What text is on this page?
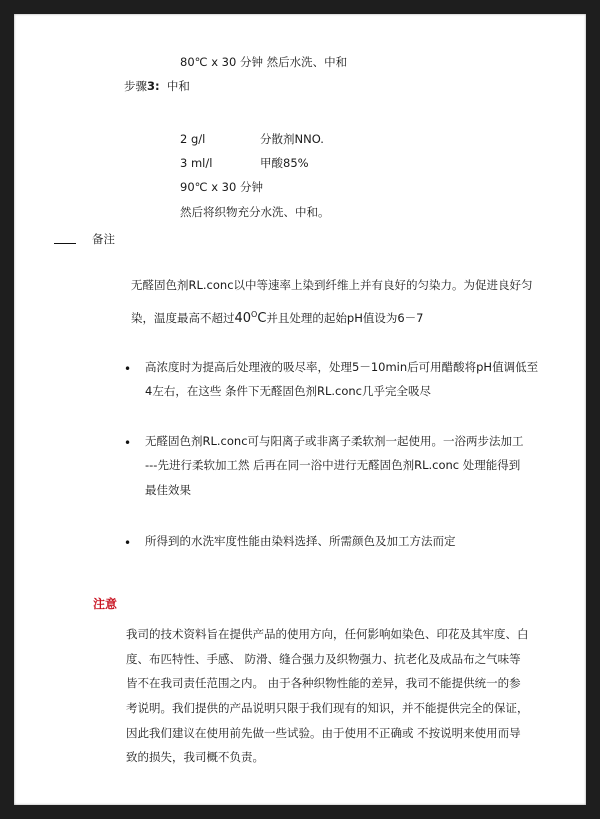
80℃ x 30 分钟 然后水洗、中和
步骤3: 中和
2 g/l	分散剂NNO.
3 ml/l	甲酸85%
90℃ x 30 分钟
然后将织物充分水洗、中和。
备注
无醛固色剂RL.conc以中等速率上染到纤维上并有良好的匀染力。为促进良好匀
染，温度最高不超过$40^OC$并且处理的起始pH值设为6－7
• 高浓度时为提高后处理液的吸尽率，处理5－10min后可用醋酸将pH值调低至
4左右，在这些 条件下无醛固色剂RL.conc几乎完全吸尽
• 无醛固色剂RL.conc可与阳离子或非离子柔软剂一起使用。一浴两步法加工
---先进行柔软加工然 后再在同一浴中进行无醛固色剂RL.conc 处理能得到
最佳效果
• 所得到的水洗牢度性能由染料选择、所需颜色及加工方法而定
注意
我司的技术资料旨在提供产品的使用方向，任何影响如染色、印花及其牢度、白
度、布匹特性、手感、 防滑、缝合强力及织物强力、抗老化及成品布之气味等
皆不在我司责任范围之内。 由于各种织物性能的差异，我司不能提供统一的参
考说明。我们提供的产品说明只限于我们现有的知识，并不能提供完全的保证，
因此我们建议在使用前先做一些试验。由于使用不正确或 不按说明来使用而导
致的损失，我司概不负责。
